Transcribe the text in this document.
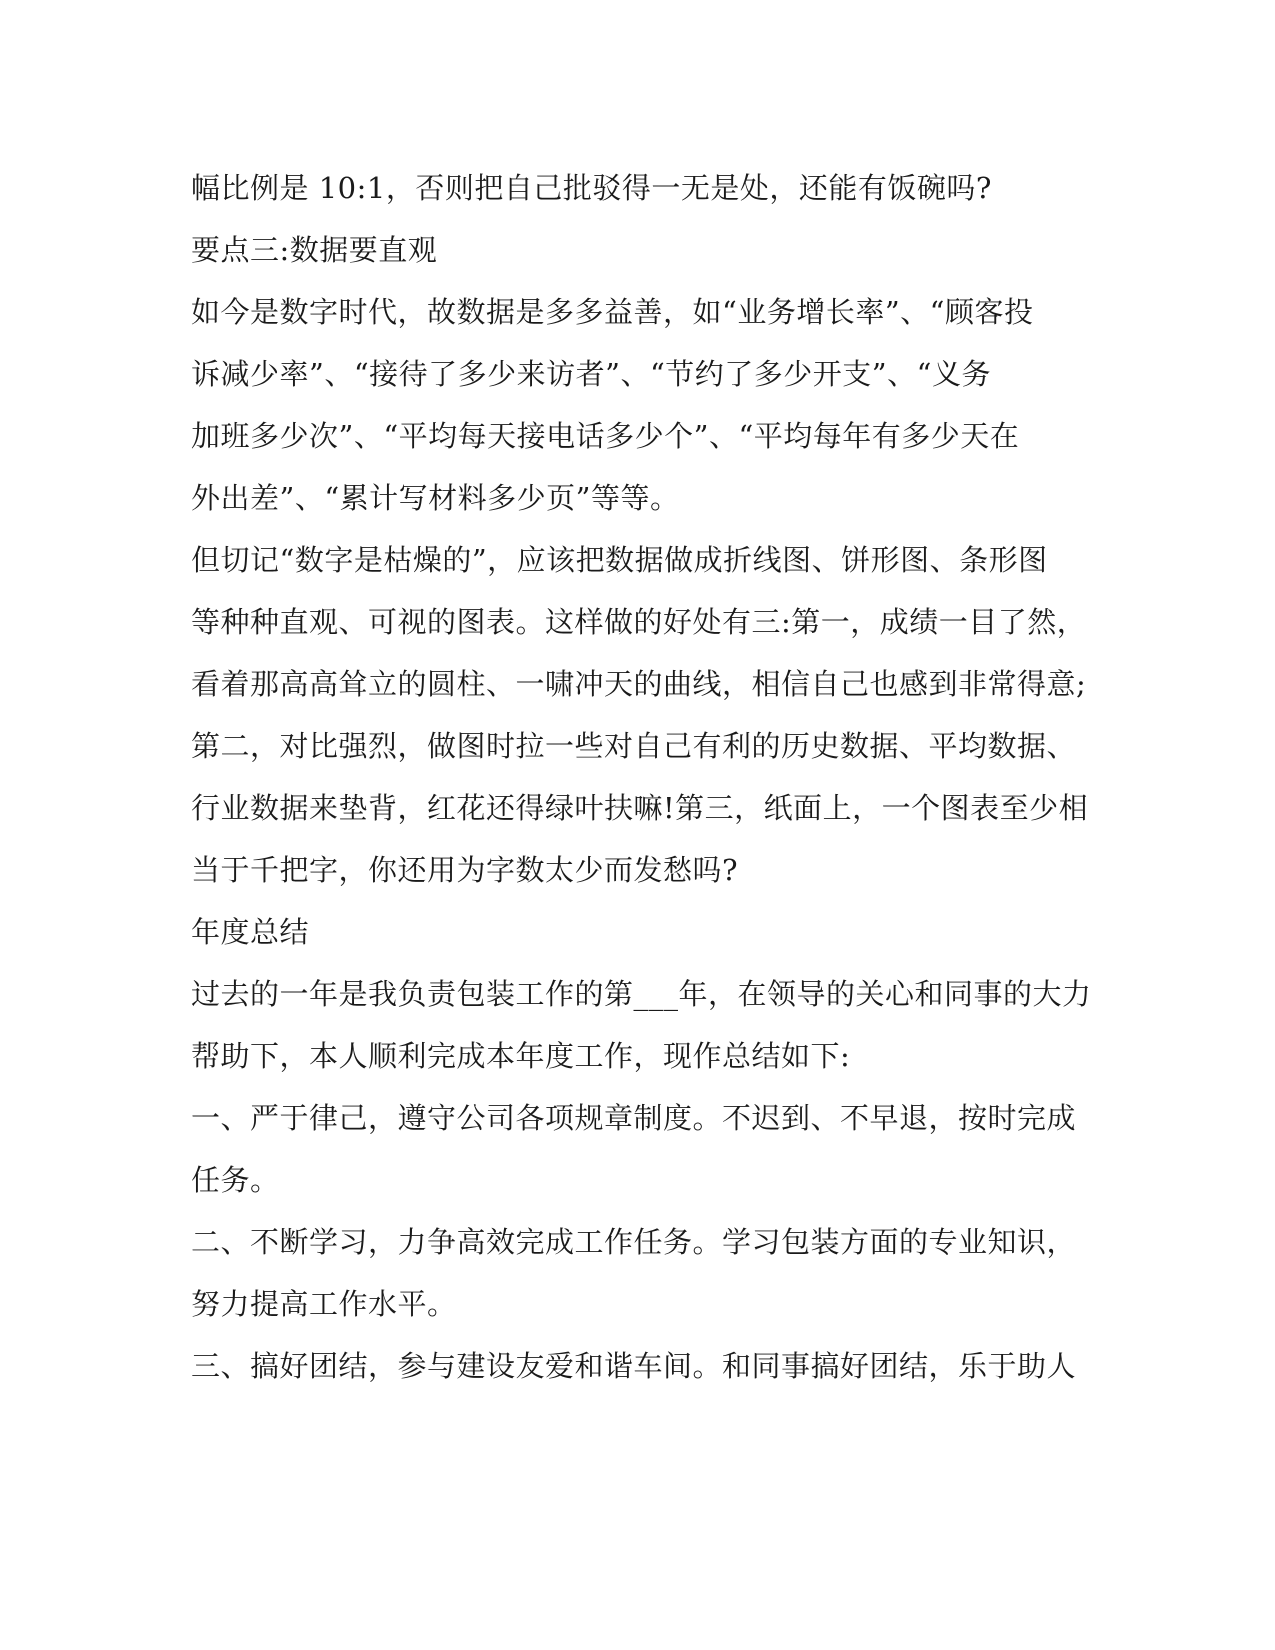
幅比例是 10:1，否则把自己批驳得一无是处，还能有饭碗吗?
要点三:数据要直观
如今是数字时代，故数据是多多益善，如“业务增长率”、“顾客投
诉减少率”、“接待了多少来访者”、“节约了多少开支”、“义务
加班多少次”、“平均每天接电话多少个”、“平均每年有多少天在
外出差”、“累计写材料多少页”等等。
但切记“数字是枯燥的”，应该把数据做成折线图、饼形图、条形图
等种种直观、可视的图表。这样做的好处有三:第一，成绩一目了然，
看着那高高耸立的圆柱、一啸冲天的曲线，相信自己也感到非常得意;
第二，对比强烈，做图时拉一些对自己有利的历史数据、平均数据、
行业数据来垫背，红花还得绿叶扶嘛!第三，纸面上，一个图表至少相
当于千把字，你还用为字数太少而发愁吗?
年度总结
过去的一年是我负责包装工作的第___年，在领导的关心和同事的大力
帮助下，本人顺利完成本年度工作，现作总结如下:
一、严于律己，遵守公司各项规章制度。不迟到、不早退，按时完成
任务。
二、不断学习，力争高效完成工作任务。学习包装方面的专业知识，
努力提高工作水平。
三、搞好团结，参与建设友爱和谐车间。和同事搞好团结，乐于助人
